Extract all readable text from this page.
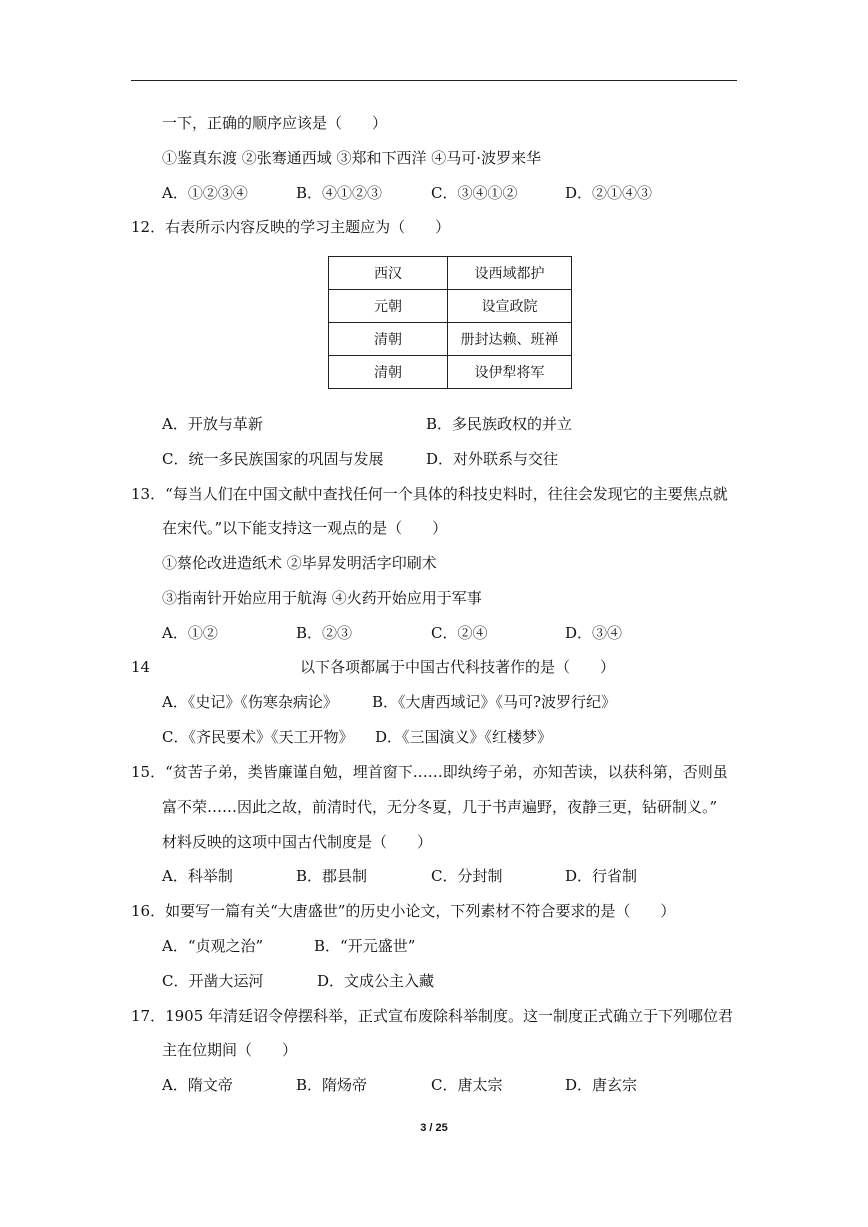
一下，正确的顺序应该是（　　）
①鉴真东渡 ②张骞通西域 ③郑和下西洋 ④马可·波罗来华
A．①②③④	B．④①②③	C．③④①②	D．②①④③
12．右表所示内容反映的学习主题应为（　　）
西汉	设西域都护
元朝	设宣政院
清朝	册封达赖、班禅
清朝	设伊犁将军
A．开放与革新	B．多民族政权的并立
C．统一多民族国家的巩固与发展	D．对外联系与交往
13．“每当人们在中国文献中查找任何一个具体的科技史料时，往往会发现它的主要焦点就
在宋代。”以下能支持这一观点的是（　　）
①蔡伦改进造纸术 ②毕昇发明活字印刷术
③指南针开始应用于航海 ④火药开始应用于军事
A．①②	B．②③	C．②④	D．③④
14	以下各项都属于中国古代科技著作的是（　　）
A．《史记》《伤寒杂病论》 B．《大唐西域记》《马可?波罗行纪》
C．《齐民要术》《天工开物》 D．《三国演义》《红楼梦》
15．“贫苦子弟，类皆廉谨自勉，埋首窗下……即纨绔子弟，亦知苦读，以获科第，否则虽
富不荣……因此之故，前清时代，无分冬夏，几于书声遍野，夜静三更，钻研制义。”
材料反映的这项中国古代制度是（　　）
A．科举制	B．郡县制	C．分封制	D．行省制
16．如要写一篇有关“大唐盛世”的历史小论文，下列素材不符合要求的是（　　）
A．“贞观之治”	B．“开元盛世”
C．开凿大运河	D．文成公主入藏
17．1905 年清廷诏令停摆科举，正式宣布废除科举制度。这一制度正式确立于下列哪位君
主在位期间（　　）
A．隋文帝	B．隋炀帝	C．唐太宗	D．唐玄宗
3 / 25
